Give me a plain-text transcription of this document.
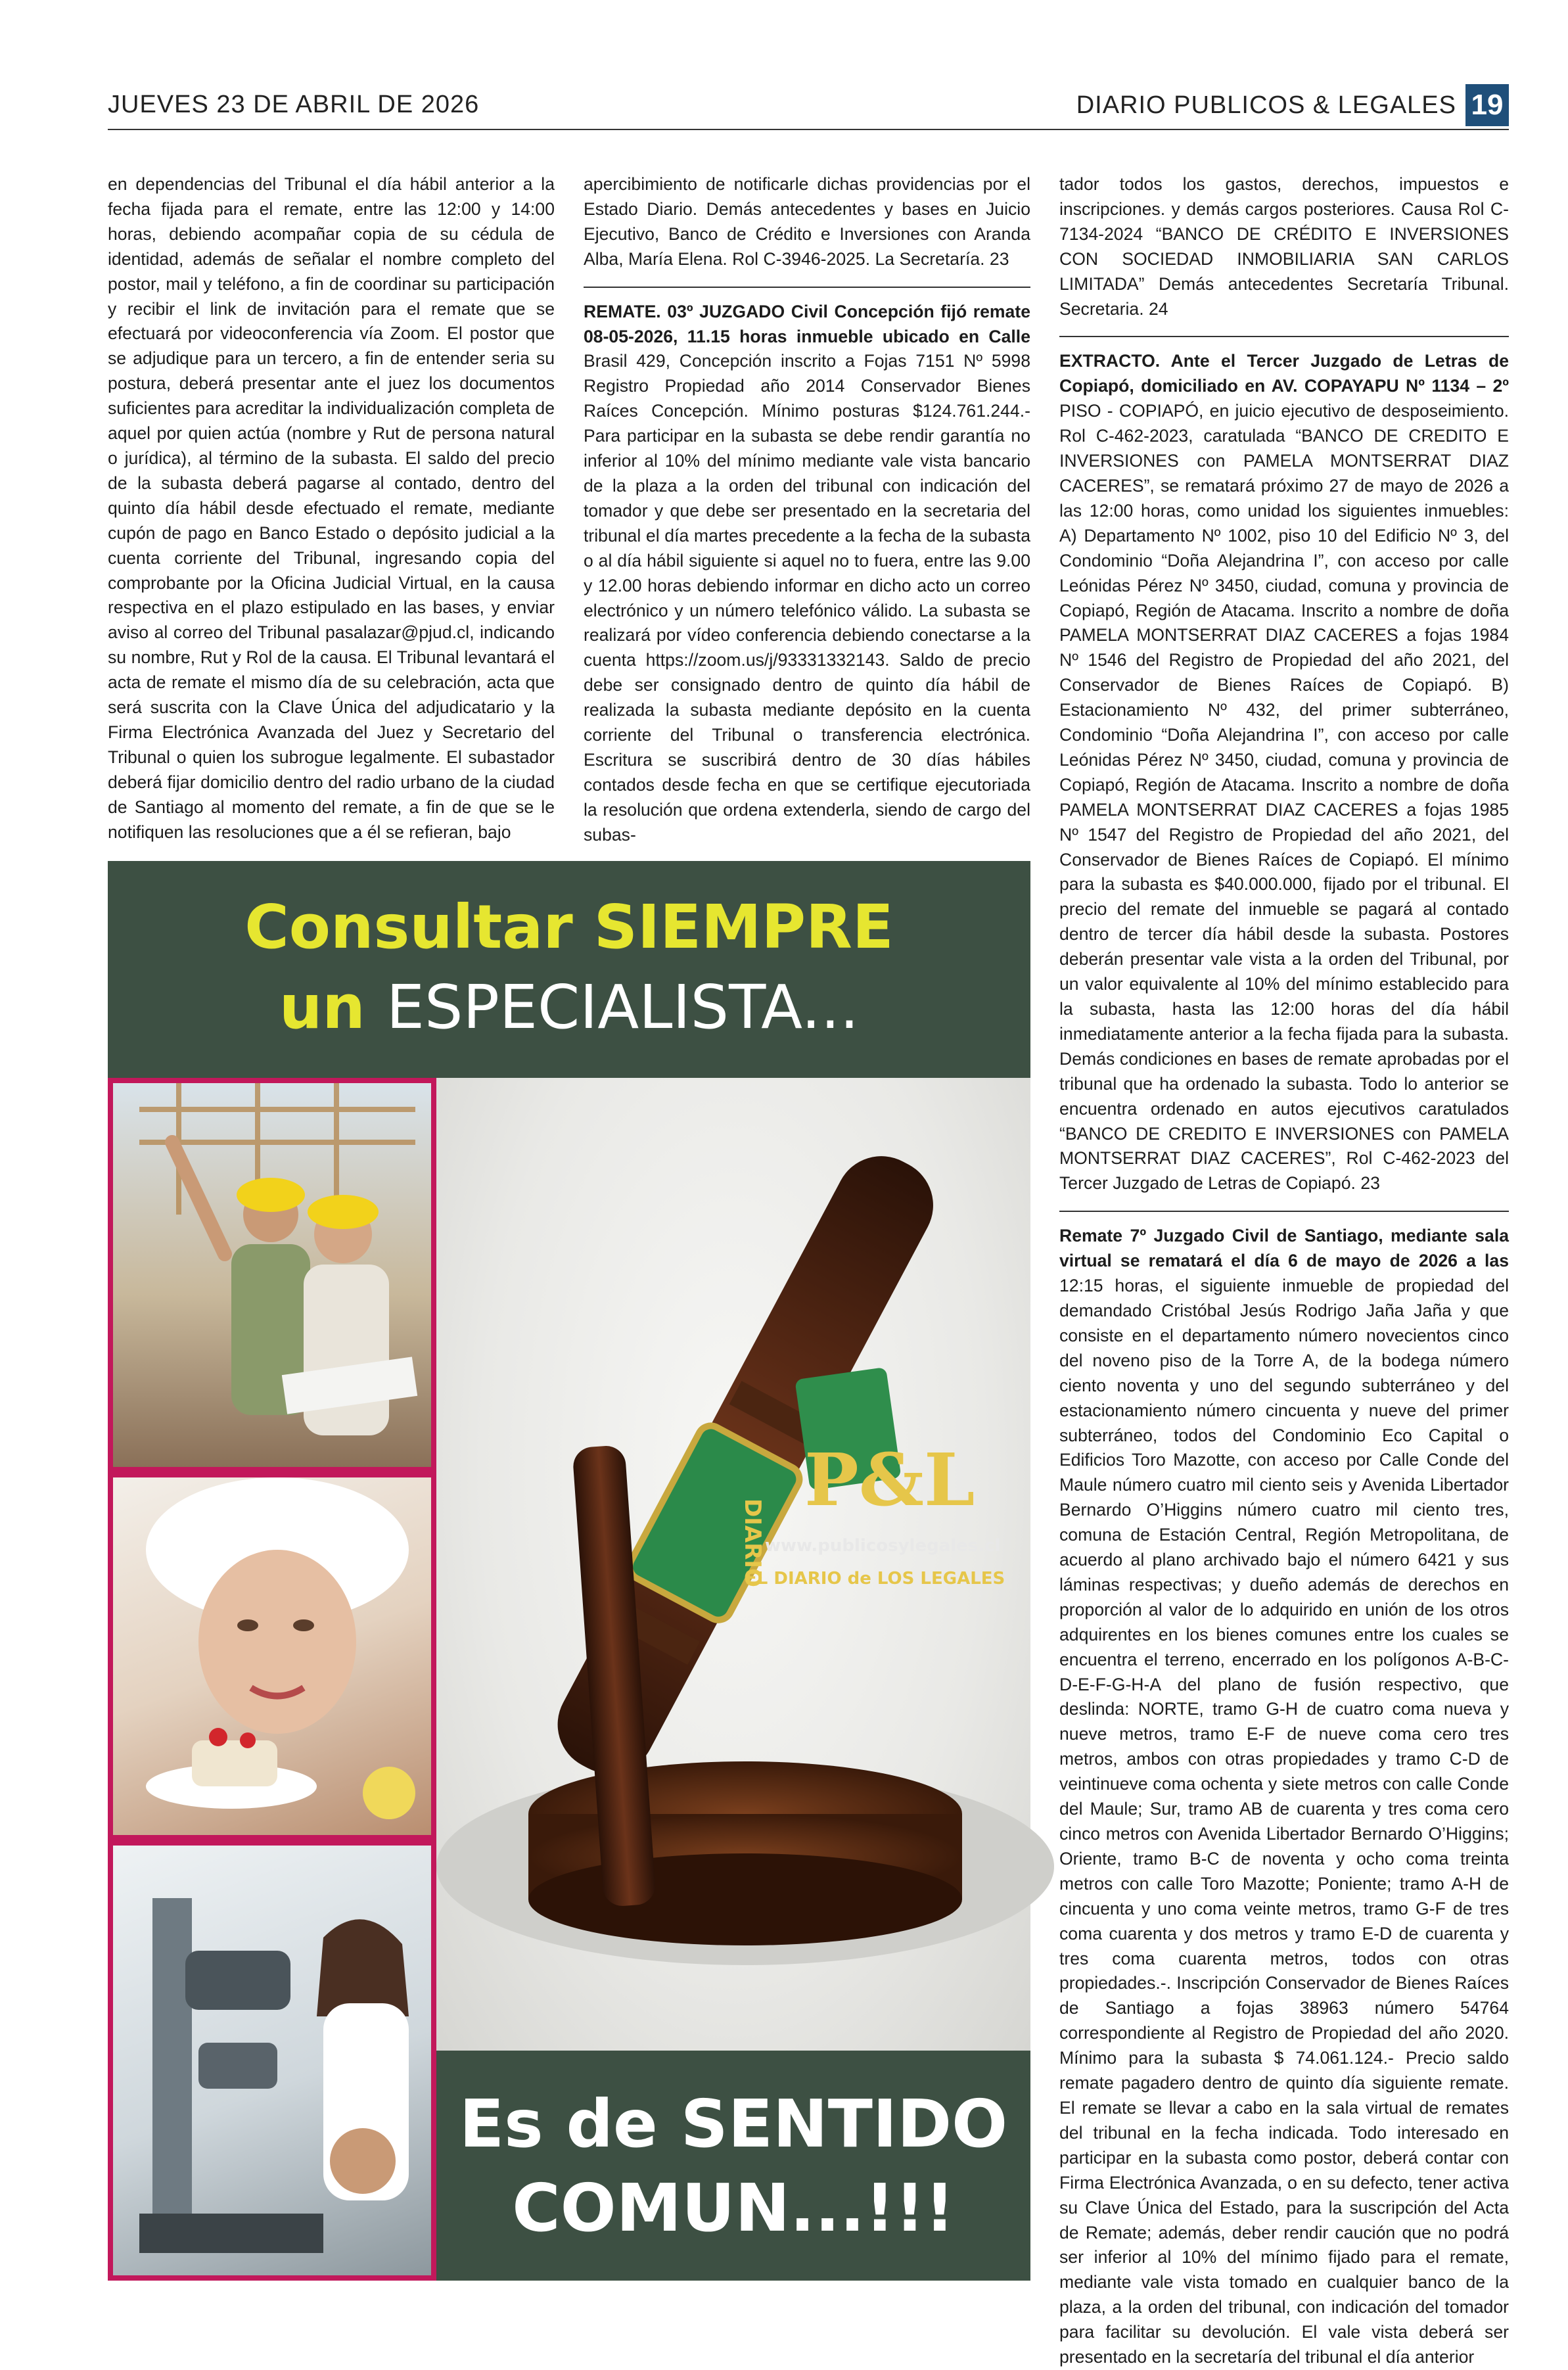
JUEVES 23 DE ABRIL DE 2026	DIARIO PUBLICOS & LEGALES 19

en dependencias del Tribunal el día hábil anterior a la fecha fijada para el remate, entre las 12:00 y 14:00 horas, debiendo acompañar copia de su cédula de identidad, además de señalar el nombre completo del postor, mail y teléfono, a fin de coordinar su participación y recibir el link de invitación para el remate que se efectuará por videoconferencia vía Zoom. El postor que se adjudique para un tercero, a fin de entender seria su postura, deberá presentar ante el juez los documentos suficientes para acreditar la individualización completa de aquel por quien actúa (nombre y Rut de persona natural o jurídica), al término de la subasta. El saldo del precio de la subasta deberá pagarse al contado, dentro del quinto día hábil desde efectuado el remate, mediante cupón de pago en Banco Estado o depósito judicial a la cuenta corriente del Tribunal, ingresando copia del comprobante por la Oficina Judicial Virtual, en la causa respectiva en el plazo estipulado en las bases, y enviar aviso al correo del Tribunal pasalazar@pjud.cl, indicando su nombre, Rut y Rol de la causa. El Tribunal levantará el acta de remate el mismo día de su celebración, acta que será suscrita con la Clave Única del adjudicatario y la Firma Electrónica Avanzada del Juez y Secretario del Tribunal o quien los subrogue legalmente. El subastador deberá fijar domicilio dentro del radio urbano de la ciudad de Santiago al momento del remate, a fin de que se le notifiquen las resoluciones que a él se refieran, bajo

apercibimiento de notificarle dichas providencias por el Estado Diario. Demás antecedentes y bases en Juicio Ejecutivo, Banco de Crédito e Inversiones con Aranda Alba, María Elena. Rol C-3946-2025. La Secretaría. 23

REMATE. 03º JUZGADO Civil Concepción fijó remate 08-05-2026, 11.15 horas inmueble ubicado en Calle Brasil 429, Concepción inscrito a Fojas 7151 Nº 5998 Registro Propiedad año 2014 Conservador Bienes Raíces Concepción. Mínimo posturas $124.761.244.- Para participar en la subasta se debe rendir garantía no inferior al 10% del mínimo mediante vale vista bancario de la plaza a la orden del tribunal con indicación del tomador y que debe ser presentado en la secretaria del tribunal el día martes precedente a la fecha de la subasta o al día hábil siguiente si aquel no to fuera, entre las 9.00 y 12.00 horas debiendo informar en dicho acto un correo electrónico y un número telefónico válido. La subasta se realizará por vídeo conferencia debiendo conectarse a la cuenta https://zoom.us/j/93331332143. Saldo de precio debe ser consignado dentro de quinto día hábil de realizada la subasta mediante depósito en la cuenta corriente del Tribunal o transferencia electrónica. Escritura se suscribirá dentro de 30 días hábiles contados desde fecha en que se certifique ejecutoriada la resolución que ordena extenderla, siendo de cargo del subas-

tador todos los gastos, derechos, impuestos e inscripciones. y demás cargos posteriores. Causa Rol C-7134-2024 “BANCO DE CRÉDITO E INVERSIONES CON SOCIEDAD INMOBILIARIA SAN CARLOS LIMITADA” Demás antecedentes Secretaría Tribunal. Secretaria. 24

EXTRACTO. Ante el Tercer Juzgado de Letras de Copiapó, domiciliado en AV. COPAYAPU Nº 1134 – 2º PISO - COPIAPÓ, en juicio ejecutivo de desposeimiento. Rol C-462-2023, caratulada “BANCO DE CREDITO E INVERSIONES con PAMELA MONTSERRAT DIAZ CACERES”, se rematará próximo 27 de mayo de 2026 a las 12:00 horas, como unidad los siguientes inmuebles: A) Departamento Nº 1002, piso 10 del Edificio Nº 3, del Condominio “Doña Alejandrina I”, con acceso por calle Leónidas Pérez Nº 3450, ciudad, comuna y provincia de Copiapó, Región de Atacama. Inscrito a nombre de doña PAMELA MONTSERRAT DIAZ CACERES a fojas 1984 Nº 1546 del Registro de Propiedad del año 2021, del Conservador de Bienes Raíces de Copiapó. B) Estacionamiento Nº 432, del primer subterráneo, Condominio “Doña Alejandrina I”, con acceso por calle Leónidas Pérez Nº 3450, ciudad, comuna y provincia de Copiapó, Región de Atacama. Inscrito a nombre de doña PAMELA MONTSERRAT DIAZ CACERES a fojas 1985 Nº 1547 del Registro de Propiedad del año 2021, del Conservador de Bienes Raíces de Copiapó. El mínimo para la subasta es $40.000.000, fijado por el tribunal. El precio del remate del inmueble se pagará al contado dentro de tercer día hábil desde la subasta. Postores deberán presentar vale vista a la orden del Tribunal, por un valor equivalente al 10% del mínimo establecido para la subasta, hasta las 12:00 horas del día hábil inmediatamente anterior a la fecha fijada para la subasta. Demás condiciones en bases de remate aprobadas por el tribunal que ha ordenado la subasta. Todo lo anterior se encuentra ordenado en autos ejecutivos caratulados “BANCO DE CREDITO E INVERSIONES con PAMELA MONTSERRAT DIAZ CACERES”, Rol C-462-2023 del Tercer Juzgado de Letras de Copiapó. 23

Remate 7º Juzgado Civil de Santiago, mediante sala virtual se rematará el día 6 de mayo de 2026 a las 12:15 horas, el siguiente inmueble de propiedad del demandado Cristóbal Jesús Rodrigo Jaña Jaña y que consiste en el departamento número novecientos cinco del noveno piso de la Torre A, de la bodega número ciento noventa y uno del segundo subterráneo y del estacionamiento número cincuenta y nueve del primer subterráneo, todos del Condominio Eco Capital o Edificios Toro Mazotte, con acceso por Calle Conde del Maule número cuatro mil ciento seis y Avenida Libertador Bernardo O’Higgins número cuatro mil ciento tres, comuna de Estación Central, Región Metropolitana, de acuerdo al plano archivado bajo el número 6421 y sus láminas respectivas; y dueño además de derechos en proporción al valor de lo adquirido en unión de los otros adquirentes en los bienes comunes entre los cuales se encuentra el terreno, encerrado en los polígonos A-B-C-D-E-F-G-H-A del plano de fusión respectivo, que deslinda: NORTE, tramo G-H de cuatro coma nueva y nueve metros, tramo E-F de nueve coma cero tres metros, ambos con otras propiedades y tramo C-D de veintinueve coma ochenta y siete metros con calle Conde del Maule; Sur, tramo AB de cuarenta y tres coma cero cinco metros con Avenida Libertador Bernardo O’Higgins; Oriente, tramo B-C de noventa y ocho coma treinta metros con calle Toro Mazotte; Poniente; tramo A-H de cincuenta y uno coma veinte metros, tramo G-F de tres coma cuarenta y dos metros y tramo E-D de cuarenta y tres coma cuarenta metros, todos con otras propiedades.-. Inscripción Conservador de Bienes Raíces de Santiago a fojas 38963 número 54764 correspondiente al Registro de Propiedad del año 2020. Mínimo para la subasta $ 74.061.124.- Precio saldo remate pagadero dentro de quinto día siguiente remate. El remate se llevar a cabo en la sala virtual de remates del tribunal en la fecha indicada. Todo interesado en participar en la subasta como postor, deberá contar con Firma Electrónica Avanzada, o en su defecto, tener activa su Clave Única del Estado, para la suscripción del Acta de Remate; además, deber rendir caución que no podrá ser inferior al 10% del mínimo fijado para el remate, mediante vale vista tomado en cualquier banco de la plaza, a la orden del tribunal, con indicación del tomador para facilitar su devolución. El vale vista deberá ser presentado en la secretaría del tribunal el día anterior

Consultar SIEMPRE
un ESPECIALISTA...
P&L
www.publicosylegales.cl
EL DIARIO de LOS LEGALES
DIARIO
Es de SENTIDO
COMUN...!!!
